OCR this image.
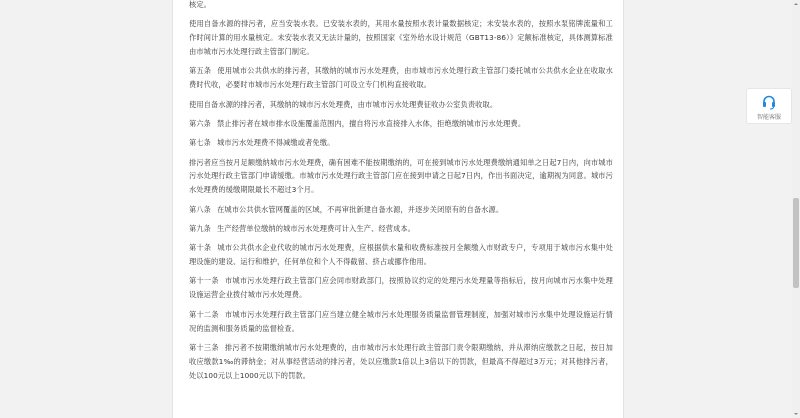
核定。

使用自备水源的排污者，应当安装水表。已安装水表的，其用水量按照水表计量数据核定；未安装水表的，按照水泵铭牌流量和工作时间计算的用水量核定。未安装水表又无法计量的，按照国家《室外给水设计规范（GBT13-86）》定额标准核定，具体测算标准由市城市污水处理行政主管部门制定。

第五条 使用城市公共供水的排污者，其缴纳的城市污水处理费，由市城市污水处理行政主管部门委托城市公共供水企业在收取水费时代收，必要时市城市污水处理行政主管部门可设立专门机构直接收取。

使用自备水源的排污者，其缴纳的城市污水处理费，由市城市污水处理费征收办公室负责收取。

第六条 禁止排污者在城市排水设施覆盖范围内，擅自将污水直接排入水体，拒绝缴纳城市污水处理费。

第七条 城市污水处理费不得减缴或者免缴。

排污者应当按月足额缴纳城市污水处理费，确有困难不能按期缴纳的，可在接到城市污水处理费缴纳通知单之日起7日内，向市城市污水处理行政主管部门申请缓缴。市城市污水处理行政主管部门应在接到申请之日起7日内，作出书面决定，逾期视为同意。城市污水处理费的缓缴期限最长不超过3个月。

第八条 在城市公共供水管网覆盖的区域，不再审批新建自备水源，并逐步关闭原有的自备水源。

第九条 生产经营单位缴纳的城市污水处理费可计入生产、经营成本。

第十条 城市公共供水企业代收的城市污水处理费，应根据供水量和收费标准按月全额缴入市财政专户，专项用于城市污水集中处理设施的建设、运行和维护，任何单位和个人不得截留、挤占或挪作他用。

第十一条 市城市污水处理行政主管部门应会同市财政部门，按照协议约定的处理污水处理量等指标后，按月向城市污水集中处理设施运营企业拨付城市污水处理费。

第十二条 市城市污水处理行政主管部门应当建立健全城市污水处理服务质量监督管理制度，加强对城市污水集中处理设施运行情况的监测和服务质量的监督检查。

第十三条 排污者不按期缴纳城市污水处理费的，由市城市污水处理行政主管部门责令限期缴纳，并从滞纳应缴款之日起，按日加收应缴款1‰的滞纳金；对从事经营活动的排污者，处以应缴款1倍以上3倍以下的罚款，但最高不得超过3万元；对其他排污者，处以100元以上1000元以下的罚款。

智能客服
